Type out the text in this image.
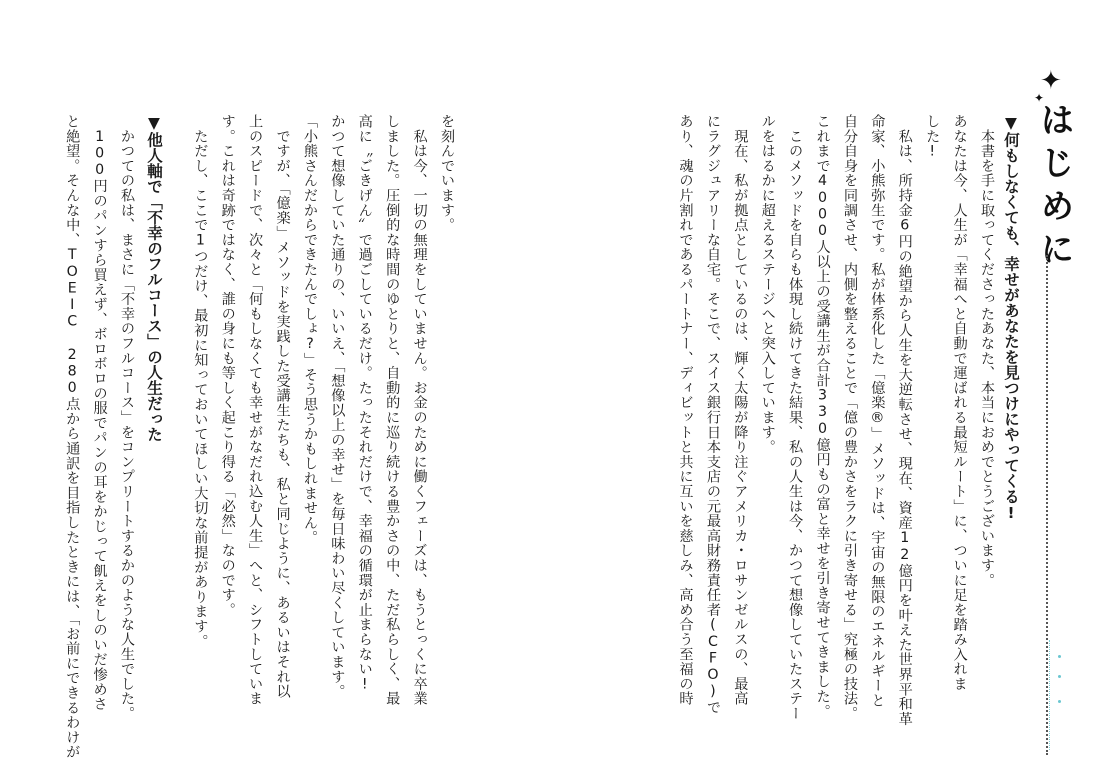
✦
✦
はじめに
▼何もしなくても、幸せがあなたを見つけにやってくる!
　本書を手に取ってくださったあなた、本当におめでとうございます。
あなたは今、人生が「幸福へと自動で運ばれる最短ルート」に、ついに足を踏み入れま
した!
　私は、所持金6円の絶望から人生を大逆転させ、現在、資産12億円を叶えた世界平和革
命家、小熊弥生です。私が体系化した「億楽®」メソッドは、宇宙の無限のエネルギーと
自分自身を同調させ、内側を整えることで「億の豊かさをラクに引き寄せる」究極の技法。
これまで4000人以上の受講生が合計330億円もの富と幸せを引き寄せてきました。
　このメソッドを自らも体現し続けてきた結果、私の人生は今、かつて想像していたステー
ルをはるかに超えるステージへと突入しています。
　現在、私が拠点としているのは、輝く太陽が降り注ぐアメリカ・ロサンゼルスの、最高
にラグジュアリーな自宅。そこで、スイス銀行日本支店の元最高財務責任者(CFO)で
あり、魂の片割れであるパートナー、ディビットと共に互いを慈しみ、高め合う至福の時
を刻んでいます。
　私は今、一切の無理をしていません。お金のために働くフェーズは、もうとっくに卒業
しました。圧倒的な時間のゆとりと、自動的に巡り続ける豊かさの中、ただ私らしく、最
高に〝ごきげん〟で過ごしているだけ。たったそれだけで、幸福の循環が止まらない!
かつて想像していた通りの、いいえ、「想像以上の幸せ」を毎日味わい尽くしています。
「小熊さんだからできたんでしょ?」そう思うかもしれません。
　ですが、「億楽」メソッドを実践した受講生たちも、私と同じように、あるいはそれ以
上のスピードで、次々と「何もしなくても幸せがなだれ込む人生」へと、シフトしていま
す。これは奇跡ではなく、誰の身にも等しく起こり得る「必然」なのです。
　ただし、ここで1つだけ、最初に知っておいてほしい大切な前提があります。
▼他人軸で「不幸のフルコース」の人生だった
　かつての私は、まさに「不幸のフルコース」をコンプリートするかのような人生でした。
　100円のパンすら買えず、ボロボロの服でパンの耳をかじって飢えをしのいだ惨めさ
と絶望。そんな中、TOEIC 280点から通訳を目指したときには、「お前にできるわけが
